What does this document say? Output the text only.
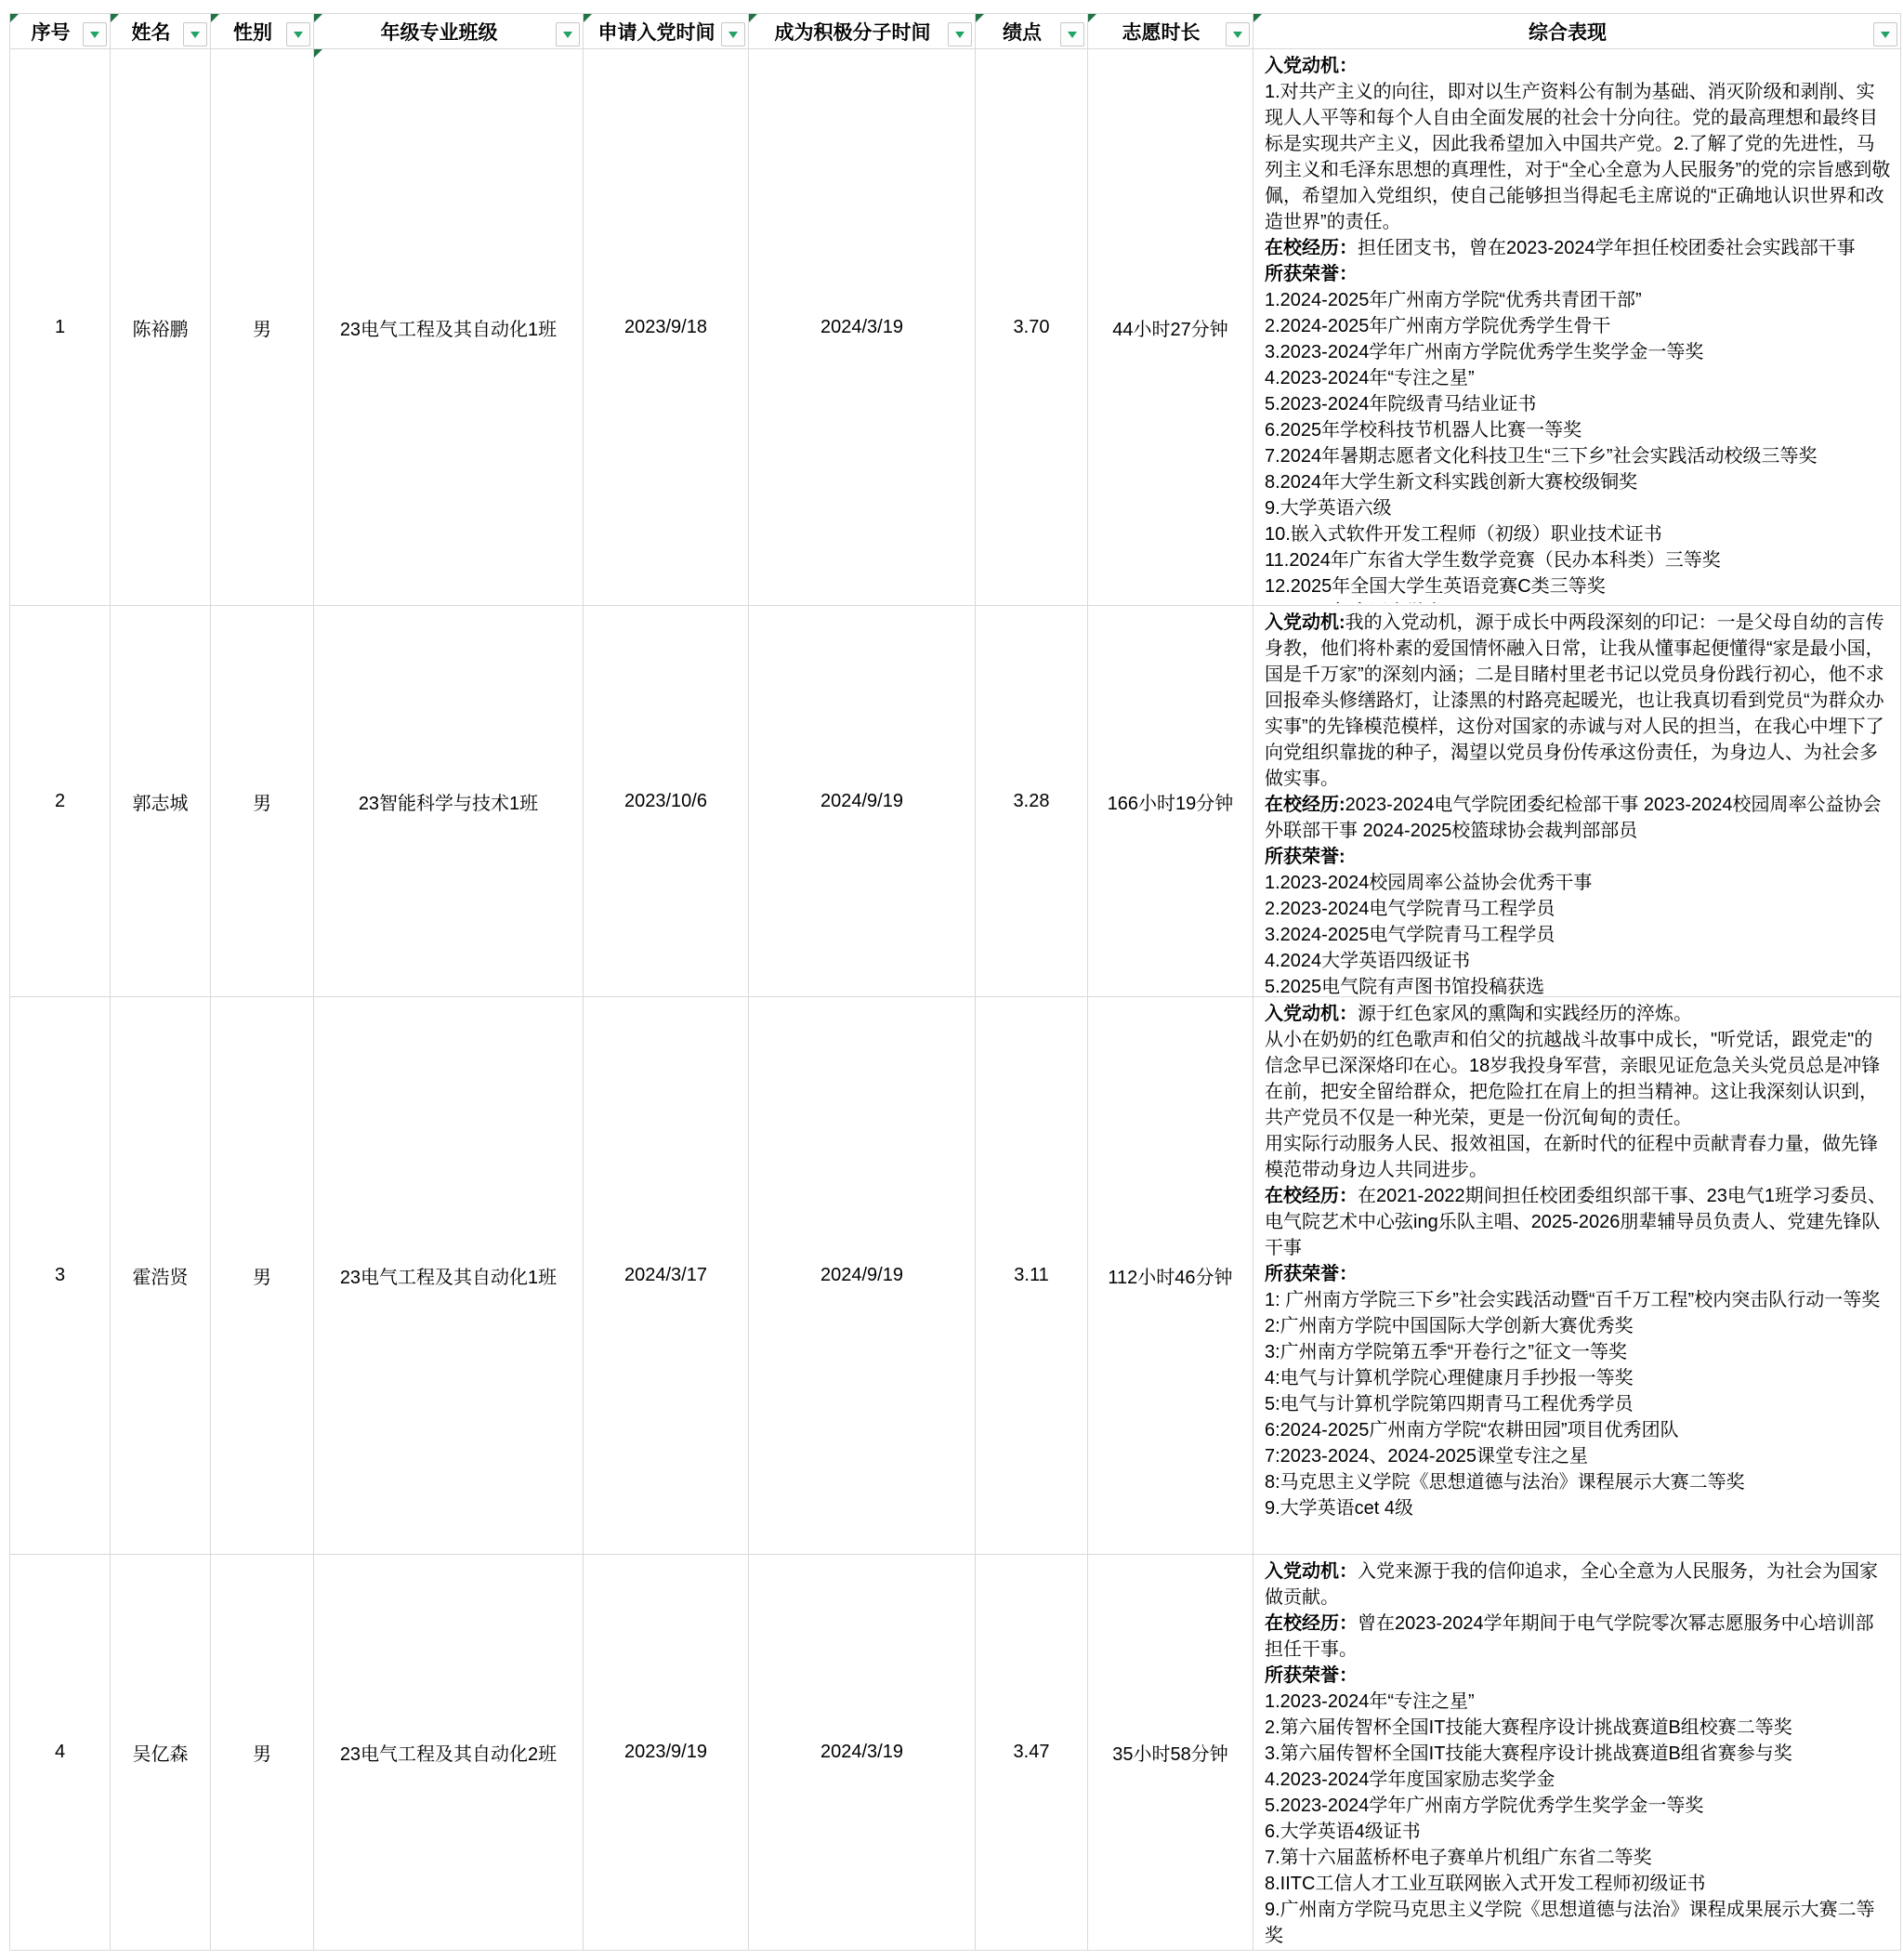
序号	姓名	性别	年级专业班级	申请入党时间	成为积极分子时间	绩点	志愿时长	综合表现

1	陈裕鹏	男	23电气工程及其自动化1班	2023/9/18	2024/3/19	3.70	44小时27分钟	
入党动机：
1.对共产主义的向往，即对以生产资料公有制为基础、消灭阶级和剥削、实现人人平等和每个人自由全面发展的社会十分向往。党的最高理想和最终目标是实现共产主义，因此我希望加入中国共产党。2.了解了党的先进性，马列主义和毛泽东思想的真理性，对于“全心全意为人民服务”的党的宗旨感到敬佩，希望加入党组织，使自己能够担当得起毛主席说的“正确地认识世界和改造世界”的责任。
在校经历：担任团支书，曾在2023-2024学年担任校团委社会实践部干事
所获荣誉：
1.2024-2025年广州南方学院“优秀共青团干部”
2.2024-2025年广州南方学院优秀学生骨干
3.2023-2024学年广州南方学院优秀学生奖学金一等奖
4.2023-2024年“专注之星”
5.2023-2024年院级青马结业证书
6.2025年学校科技节机器人比赛一等奖
7.2024年暑期志愿者文化科技卫生“三下乡”社会实践活动校级三等奖
8.2024年大学生新文科实践创新大赛校级铜奖
9.大学英语六级
10.嵌入式软件开发工程师（初级）职业技术证书
11.2024年广东省大学生数学竞赛（民办本科类）三等奖
12.2025年全国大学生英语竞赛C类三等奖

2	郭志城	男	23智能科学与技术1班	2023/10/6	2024/9/19	3.28	166小时19分钟	
入党动机:我的入党动机，源于成长中两段深刻的印记：一是父母自幼的言传身教，他们将朴素的爱国情怀融入日常，让我从懂事起便懂得“家是最小国，国是千万家”的深刻内涵；二是目睹村里老书记以党员身份践行初心，他不求回报牵头修缮路灯，让漆黑的村路亮起暖光，也让我真切看到党员“为群众办实事”的先锋模范模样，这份对国家的赤诚与对人民的担当，在我心中埋下了向党组织靠拢的种子，渴望以党员身份传承这份责任，为身边人、为社会多做实事。
在校经历:2023-2024电气学院团委纪检部干事 2023-2024校园周率公益协会外联部干事 2024-2025校篮球协会裁判部部员
所获荣誉:
1.2023-2024校园周率公益协会优秀干事
2.2023-2024电气学院青马工程学员
3.2024-2025电气学院青马工程学员
4.2024大学英语四级证书
5.2025电气院有声图书馆投稿获选

3	霍浩贤	男	23电气工程及其自动化1班	2024/3/17	2024/9/19	3.11	112小时46分钟	
入党动机：源于红色家风的熏陶和实践经历的淬炼。
从小在奶奶的红色歌声和伯父的抗越战斗故事中成长，"听党话，跟党走"的信念早已深深烙印在心。18岁我投身军营，亲眼见证危急关头党员总是冲锋在前，把安全留给群众，把危险扛在肩上的担当精神。这让我深刻认识到，共产党员不仅是一种光荣，更是一份沉甸甸的责任。
用实际行动服务人民、报效祖国，在新时代的征程中贡献青春力量，做先锋模范带动身边人共同进步。
在校经历：在2021-2022期间担任校团委组织部干事、23电气1班学习委员、电气院艺术中心弦ing乐队主唱、2025-2026朋辈辅导员负责人、党建先锋队干事
所获荣誉：
1: 广州南方学院三下乡”社会实践活动暨“百千万工程”校内突击队行动一等奖
2:广州南方学院中国国际大学创新大赛优秀奖
3:广州南方学院第五季“开卷行之”征文一等奖
4:电气与计算机学院心理健康月手抄报一等奖
5:电气与计算机学院第四期青马工程优秀学员
6:2024-2025广州南方学院“农耕田园”项目优秀团队
7:2023-2024、2024-2025课堂专注之星
8:马克思主义学院《思想道德与法治》课程展示大赛二等奖
9.大学英语cet 4级

4	吴亿森	男	23电气工程及其自动化2班	2023/9/19	2024/3/19	3.47	35小时58分钟	
入党动机：入党来源于我的信仰追求，全心全意为人民服务，为社会为国家做贡献。
在校经历：曾在2023-2024学年期间于电气学院零次幂志愿服务中心培训部担任干事。
所获荣誉：
1.2023-2024年“专注之星”
2.第六届传智杯全国IT技能大赛程序设计挑战赛道B组校赛二等奖
3.第六届传智杯全国IT技能大赛程序设计挑战赛道B组省赛参与奖
4.2023-2024学年度国家励志奖学金
5.2023-2024学年广州南方学院优秀学生奖学金一等奖
6.大学英语4级证书
7.第十六届蓝桥杯电子赛单片机组广东省二等奖
8.IITC工信人才工业互联网嵌入式开发工程师初级证书
9.广州南方学院马克思主义学院《思想道德与法治》课程成果展示大赛二等奖
